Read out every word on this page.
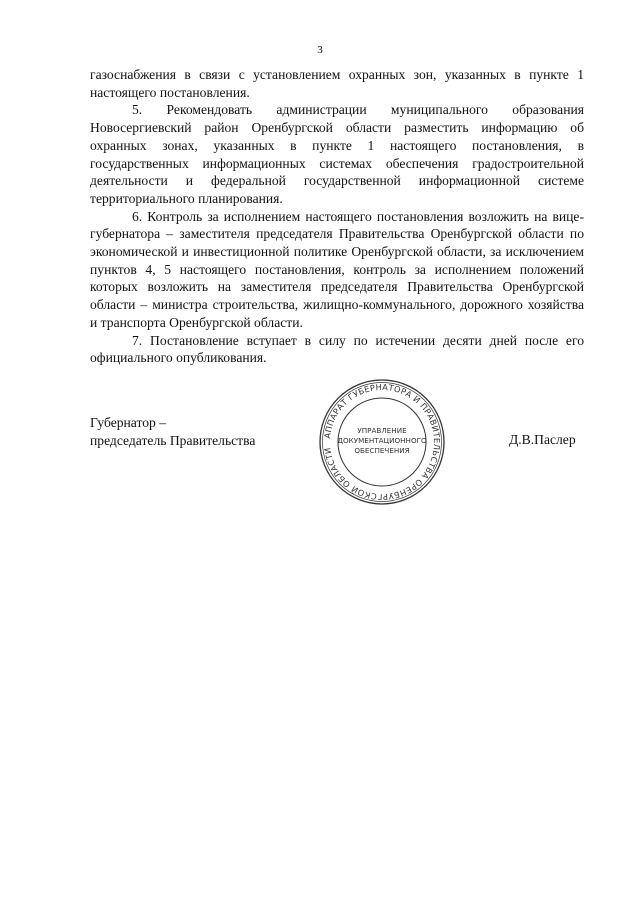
3

газоснабжения в связи с установлением охранных зон, указанных в пункте 1 настоящего постановления.

5. Рекомендовать администрации муниципального образования Новосергиевский район Оренбургской области разместить информацию об охранных зонах, указанных в пункте 1 настоящего постановления, в государственных информационных системах обеспечения градостроительной деятельности и федеральной государственной информационной системе территориального планирования.

6. Контроль за исполнением настоящего постановления возложить на вице-губернатора – заместителя председателя Правительства Оренбургской области по экономической и инвестиционной политике Оренбургской области, за исключением пунктов 4, 5 настоящего постановления, контроль за исполнением положений которых возложить на заместителя председателя Правительства Оренбургской области – министра строительства, жилищно-коммунального, дорожного хозяйства и транспорта Оренбургской области.

7. Постановление вступает в силу по истечении десяти дней после его официального опубликования.

Губернатор –
председатель Правительства	Д.В.Паслер
АППАРАТ ГУБЕРНАТОРА И ПРАВИТЕЛЬСТВА ОРЕНБУРГСКОЙ ОБЛАСТИ
УПРАВЛЕНИЕ
ДОКУМЕНТАЦИОННОГО
ОБЕСПЕЧЕНИЯ
